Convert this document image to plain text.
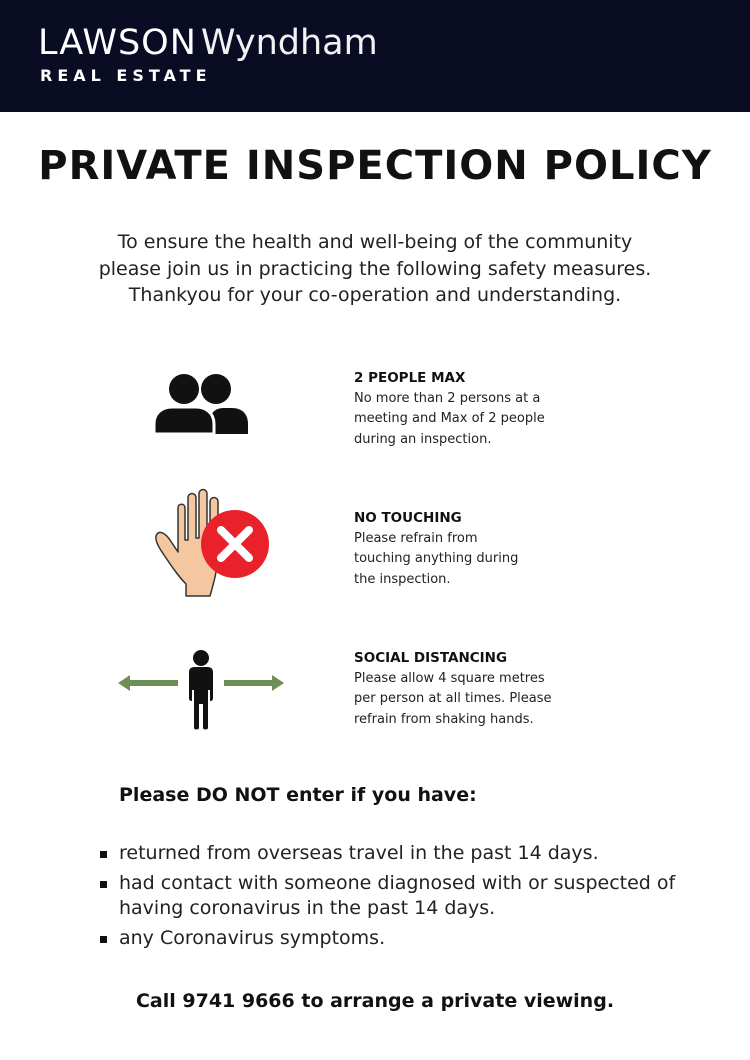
LAWSON Wyndham
REAL ESTATE
PRIVATE INSPECTION POLICY
To ensure the health and well-being of the community
please join us in practicing the following safety measures.
Thankyou for your co-operation and understanding.
2 PEOPLE MAX
No more than 2 persons at a
meeting and Max of 2 people
during an inspection.
NO TOUCHING
Please refrain from
touching anything during
the inspection.
SOCIAL DISTANCING
Please allow 4 square metres
per person at all times. Please
refrain from shaking hands.
Please DO NOT enter if you have:
returned from overseas travel in the past 14 days.
had contact with someone diagnosed with or suspected of having coronavirus in the past 14 days.
any Coronavirus symptoms.
Call 9741 9666 to arrange a private viewing.
